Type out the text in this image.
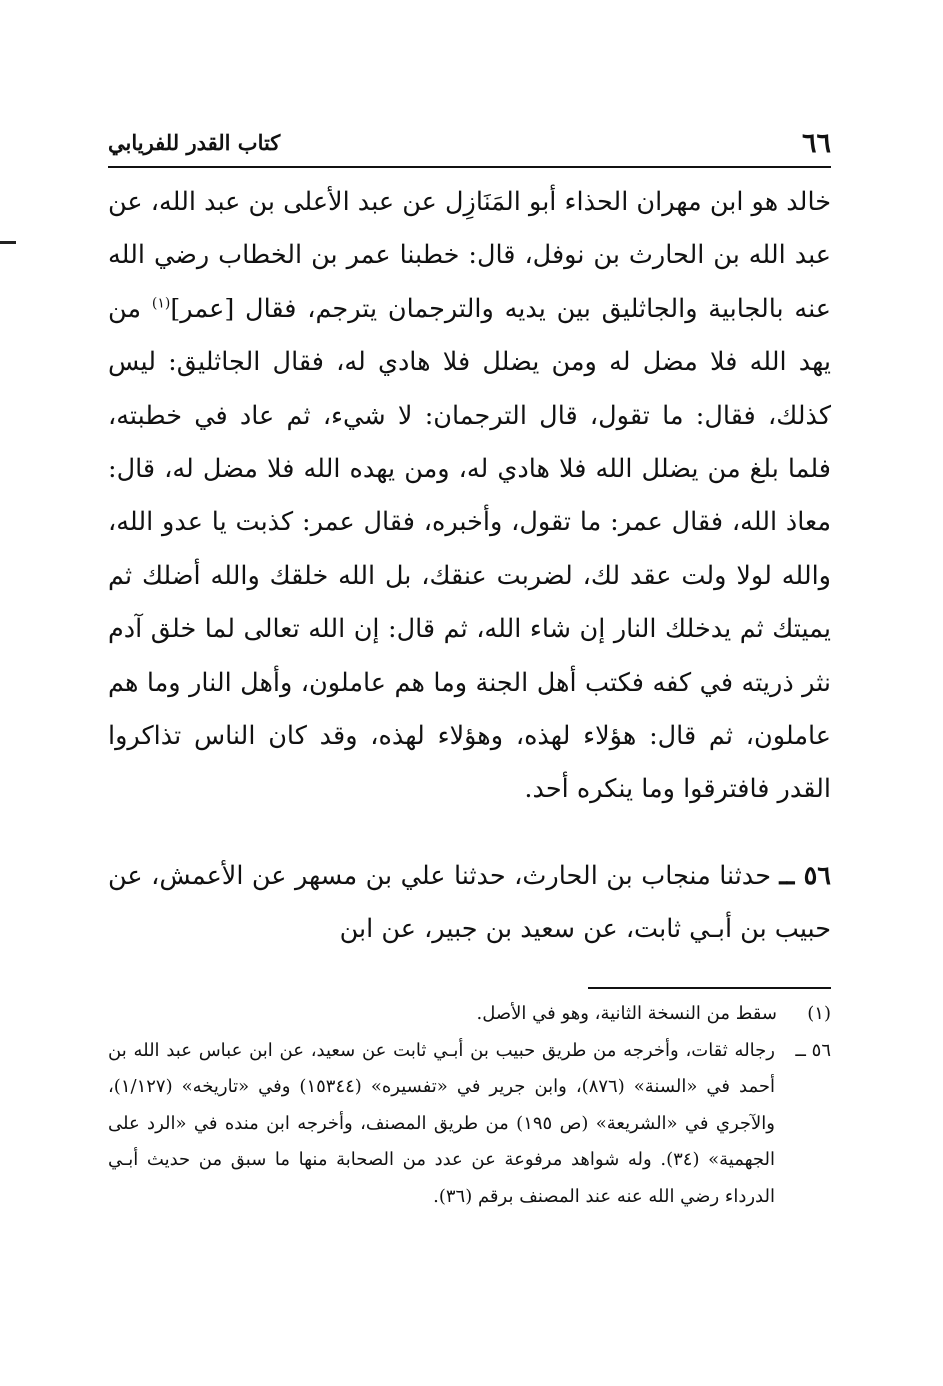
٦٦
كتاب القدر للفريابي

خالد هو ابن مهران الحذاء أبو المَنَازِل عن عبد الأعلى بن عبد الله، عن عبد الله بن الحارث بن نوفل، قال: خطبنا عمر بن الخطاب رضي الله عنه بالجابية والجاثليق بين يديه والترجمان يترجم، فقال [عمر]$^{(١)}$ من يهد الله فلا مضل له ومن يضلل فلا هادي له، فقال الجاثليق: ليس كذلك، فقال: ما تقول، قال الترجمان: لا شيء، ثم عاد في خطبته، فلما بلغ من يضلل الله فلا هادي له، ومن يهده الله فلا مضل له، قال: معاذ الله، فقال عمر: ما تقول، وأخبره، فقال عمر: كذبت يا عدو الله، والله لولا ولت عقد لك، لضربت عنقك، بل الله خلقك والله أضلك ثم يميتك ثم يدخلك النار إن شاء الله، ثم قال: إن الله تعالى لما خلق آدم نثر ذريته في كفه فكتب أهل الجنة وما هم عاملون، وأهل النار وما هم عاملون، ثم قال: هؤلاء لهذه، وهؤلاء لهذه، وقد كان الناس تذاكروا القدر فافترقوا وما ينكره أحد.

٥٦ ــ حدثنا منجاب بن الحارث، حدثنا علي بن مسهر عن الأعمش، عن حبيب بن أبـي ثابت، عن سعيد بن جبير، عن ابن

(١)
سقط من النسخة الثانية، وهو في الأصل.
٥٦ ــ
رجاله ثقات، وأخرجه من طريق حبيب بن أبـي ثابت عن سعيد، عن ابن عباس عبد الله بن أحمد في «السنة» (٨٧٦)، وابن جرير في «تفسيره» (١٥٣٤٤) وفي «تاريخه» (١/١٢٧)، والآجري في «الشريعة» (ص ١٩٥) من طريق المصنف، وأخرجه ابن منده في «الرد على الجهمية» (٣٤). وله شواهد مرفوعة عن عدد من الصحابة منها ما سبق من حديث أبـي الدرداء رضي الله عنه عند المصنف برقم (٣٦).
